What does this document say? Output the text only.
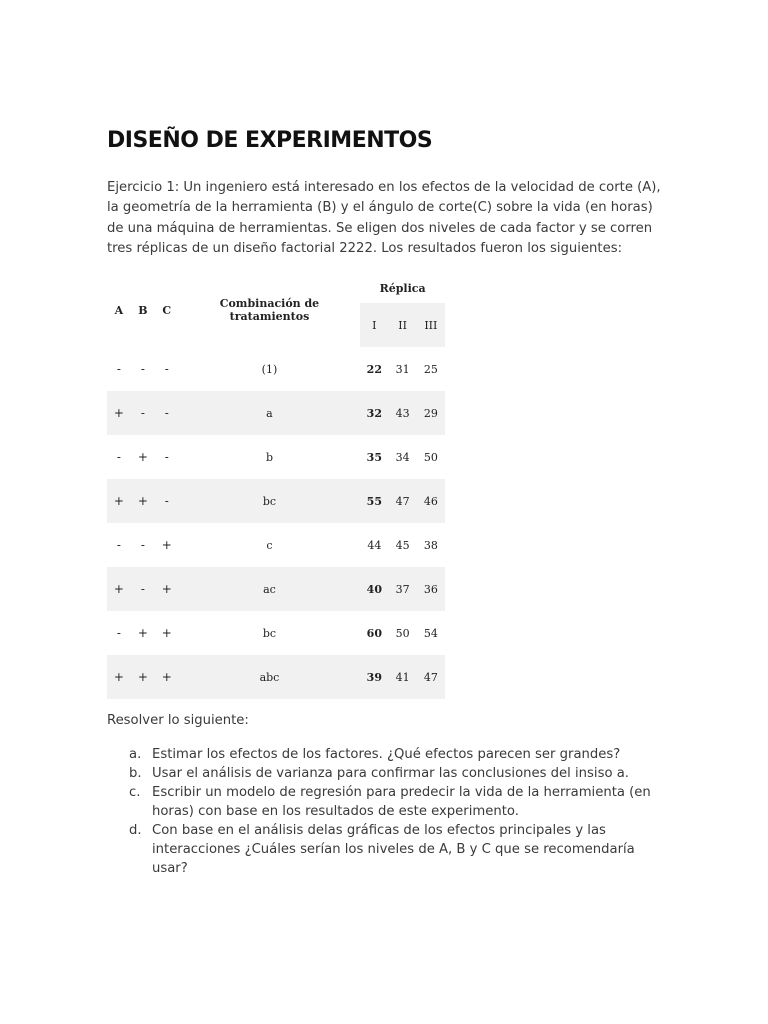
DISEÑO DE EXPERIMENTOS

Ejercicio 1: Un ingeniero está interesado en los efectos de la velocidad de corte (A), la geometría de la herramienta (B) y el ángulo de corte(C) sobre la vida (en horas) de una máquina de herramientas. Se eligen dos niveles de cada factor y se corren tres réplicas de un diseño factorial 2222. Los resultados fueron los siguientes:

A	B	C	Combinación de tratamientos	Réplica		
				I	II	III
-	-	-	(1)	22	31	25
+	-	-	a	32	43	29
-	+	-	b	35	34	50
+	+	-	bc	55	47	46
-	-	+	c	44	45	38
+	-	+	ac	40	37	36
-	+	+	bc	60	50	54
+	+	+	abc	39	41	47

Resolver lo siguiente:

a. Estimar los efectos de los factores. ¿Qué efectos parecen ser grandes?
b. Usar el análisis de varianza para confirmar las conclusiones del insiso a.
c. Escribir un modelo de regresión para predecir la vida de la herramienta (en horas) con base en los resultados de este experimento.
d. Con base en el análisis delas gráficas de los efectos principales y las interacciones ¿Cuáles serían los niveles de A, B y C que se recomendaría usar?
